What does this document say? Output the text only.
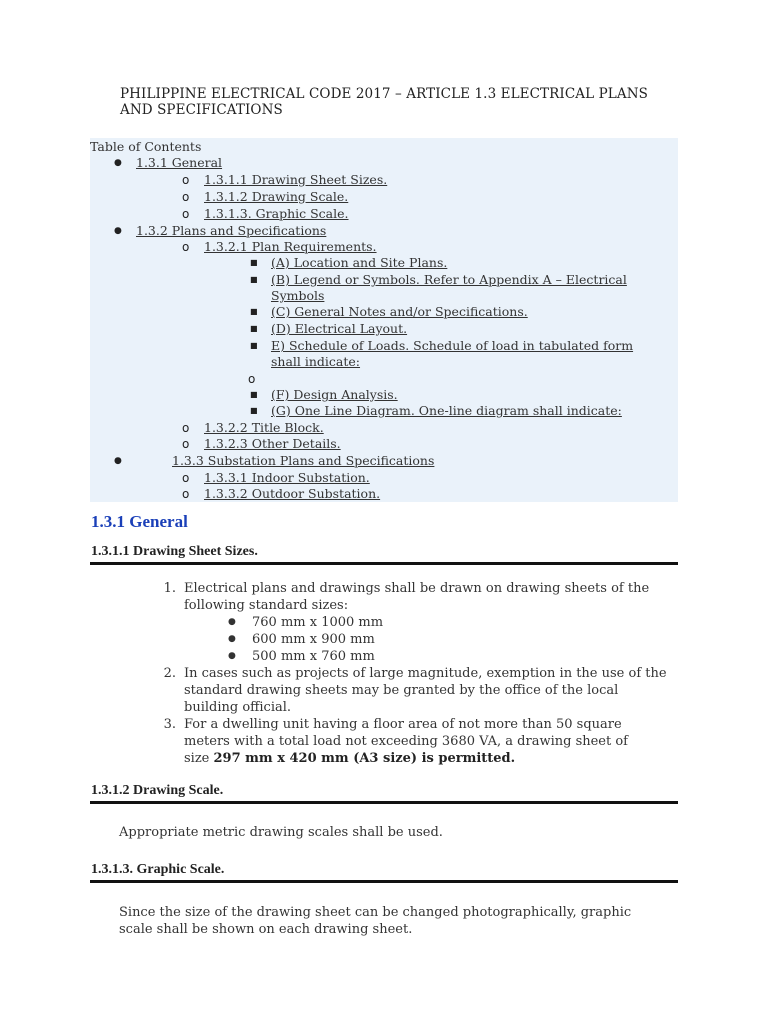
PHILIPPINE ELECTRICAL CODE 2017 – ARTICLE 1.3 ELECTRICAL PLANS AND SPECIFICATIONS
Table of Contents
●	1.3.1 General
o	1.3.1.1 Drawing Sheet Sizes.
o	1.3.1.2 Drawing Scale.
o	1.3.1.3. Graphic Scale.
●	1.3.2 Plans and Specifications
o	1.3.2.1 Plan Requirements.
■	(A) Location and Site Plans.
■	(B) Legend or Symbols. Refer to Appendix A – Electrical
Symbols
■	(C) General Notes and/or Specifications.
■	(D) Electrical Layout.
■	E) Schedule of Loads. Schedule of load in tabulated form
shall indicate:
o
■	(F) Design Analysis.
■	(G) One Line Diagram. One-line diagram shall indicate:
o	1.3.2.2 Title Block.
o	1.3.2.3 Other Details.
●	1.3.3 Substation Plans and Specifications
o	1.3.3.1 Indoor Substation.
o	1.3.3.2 Outdoor Substation.
1.3.1 General
1.3.1.1 Drawing Sheet Sizes.
1. Electrical plans and drawings shall be drawn on drawing sheets of the
following standard sizes:
● 760 mm x 1000 mm
● 600 mm x 900 mm
● 500 mm x 760 mm
2. In cases such as projects of large magnitude, exemption in the use of the
standard drawing sheets may be granted by the office of the local
building official.
3. For a dwelling unit having a floor area of not more than 50 square
meters with a total load not exceeding 3680 VA, a drawing sheet of
size 297 mm x 420 mm (A3 size) is permitted.
1.3.1.2 Drawing Scale.
Appropriate metric drawing scales shall be used.
1.3.1.3. Graphic Scale.
Since the size of the drawing sheet can be changed photographically, graphic
scale shall be shown on each drawing sheet.
